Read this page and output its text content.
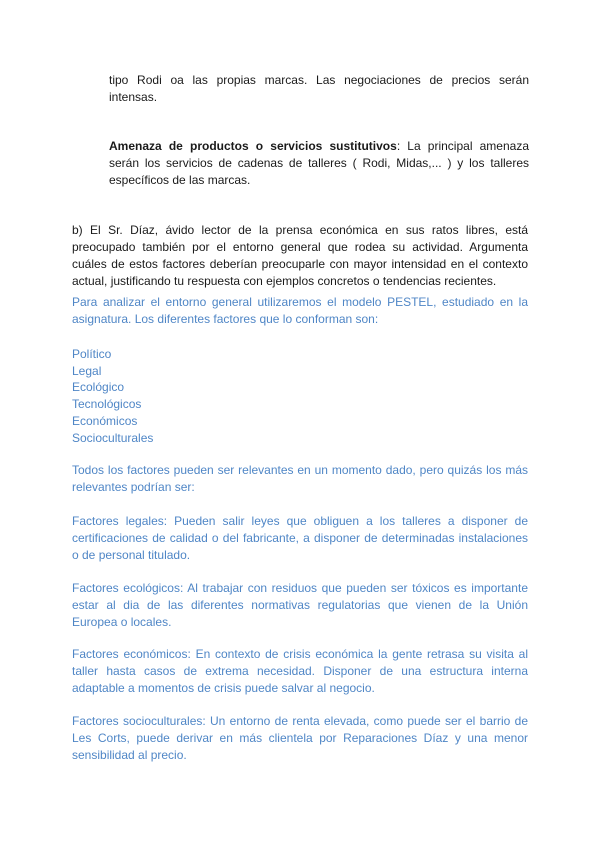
tipo Rodi oa las propias marcas. Las negociaciones de precios serán
intensas.
Amenaza de productos o servicios sustitutivos: La principal amenaza
serán los servicios de cadenas de talleres ( Rodi, Midas,... ) y los talleres
específicos de las marcas.
b) El Sr. Díaz, ávido lector de la prensa económica en sus ratos libres, está
preocupado también por el entorno general que rodea su actividad. Argumenta
cuáles de estos factores deberían preocuparle con mayor intensidad en el contexto
actual, justificando tu respuesta con ejemplos concretos o tendencias recientes.
Para analizar el entorno general utilizaremos el modelo PESTEL, estudiado en la
asignatura. Los diferentes factores que lo conforman son:
Político
Legal
Ecológico
Tecnológicos
Económicos
Socioculturales
Todos los factores pueden ser relevantes en un momento dado, pero quizás los más
relevantes podrían ser:
Factores legales: Pueden salir leyes que obliguen a los talleres a disponer de
certificaciones de calidad o del fabricante, a disponer de determinadas instalaciones
o de personal titulado.
Factores ecológicos: Al trabajar con residuos que pueden ser tóxicos es importante
estar al dia de las diferentes normativas regulatorias que vienen de la Unión
Europea o locales.
Factores económicos: En contexto de crisis económica la gente retrasa su visita al
taller hasta casos de extrema necesidad. Disponer de una estructura interna
adaptable a momentos de crisis puede salvar al negocio.
Factores socioculturales: Un entorno de renta elevada, como puede ser el barrio de
Les Corts, puede derivar en más clientela por Reparaciones Díaz y una menor
sensibilidad al precio.
